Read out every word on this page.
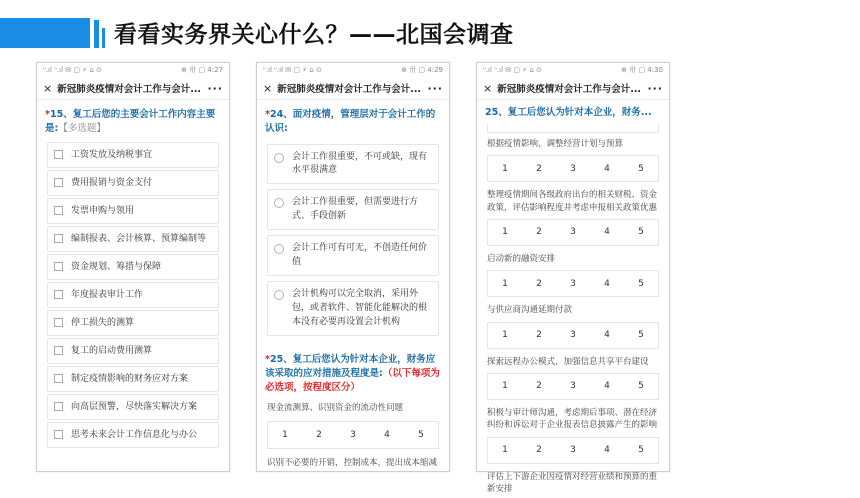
看看实务界关心什么？——北国会调查
ⁿ.ıl ⁿ.ıl ✉ ▢ ⚡ ⌂ ⊙	⊕ 卅 ▢ 4:27
× 新冠肺炎疫情对会计工作与会计... ···
*15、复工后您的主要会计工作内容主要是:【多选题】
工资发放及纳税事宜
费用报销与资金支付
发票申购与领用
编制报表、会计核算、预算编制等
资金规划、筹措与保障
年度报表审计工作
停工损失的测算
复工的启动费用测算
制定疫情影响的财务应对方案
向高层预警，尽快落实解决方案
思考未来会计工作信息化与办公
ⁿ.ıl ⁿ.ıl ✉ ▢ ⚡ ⌂ ⊙	⊕ 卅 ▢ 4:29
× 新冠肺炎疫情对会计工作与会计... ···
*24、面对疫情，管理层对于会计工作的认识:
会计工作很重要，不可或缺，现有水平很满意
会计工作很重要，但需要进行方式、手段创新
会计工作可有可无，不创造任何价值
会计机构可以完全取消，采用外包，或者软件、智能化能解决的根本没有必要再设置会计机构
*25、复工后您认为针对本企业，财务应该采取的应对措施及程度是:（以下每项为必选项，按程度区分）
现金流测算、识别资金的流动性问题
1	2	3	4	5
识别不必要的开销，控制成本，提出成本缩减
ⁿ.ıl ⁿ.ıl ✉ ▢ ⚡ ⌂ ⊙	⊕ 卅 ▢ 4:30
× 新冠肺炎疫情对会计工作与会计... ···
25、复工后您认为针对本企业，财务...
根据疫情影响，调整经营计划与预算
1	2	3	4	5
整理疫情期间各级政府出台的相关财税、资金政策，评估影响程度并考虑申报相关政策优惠
1	2	3	4	5
启动新的融资安排
1	2	3	4	5
与供应商沟通延期付款
1	2	3	4	5
探索远程办公模式，加强信息共享平台建设
1	2	3	4	5
积极与审计师沟通，考虑期后事项、潜在经济纠纷和诉讼对于企业报表信息披露产生的影响
1	2	3	4	5
评估上下游企业因疫情对经营业绩和预算的重新安排
